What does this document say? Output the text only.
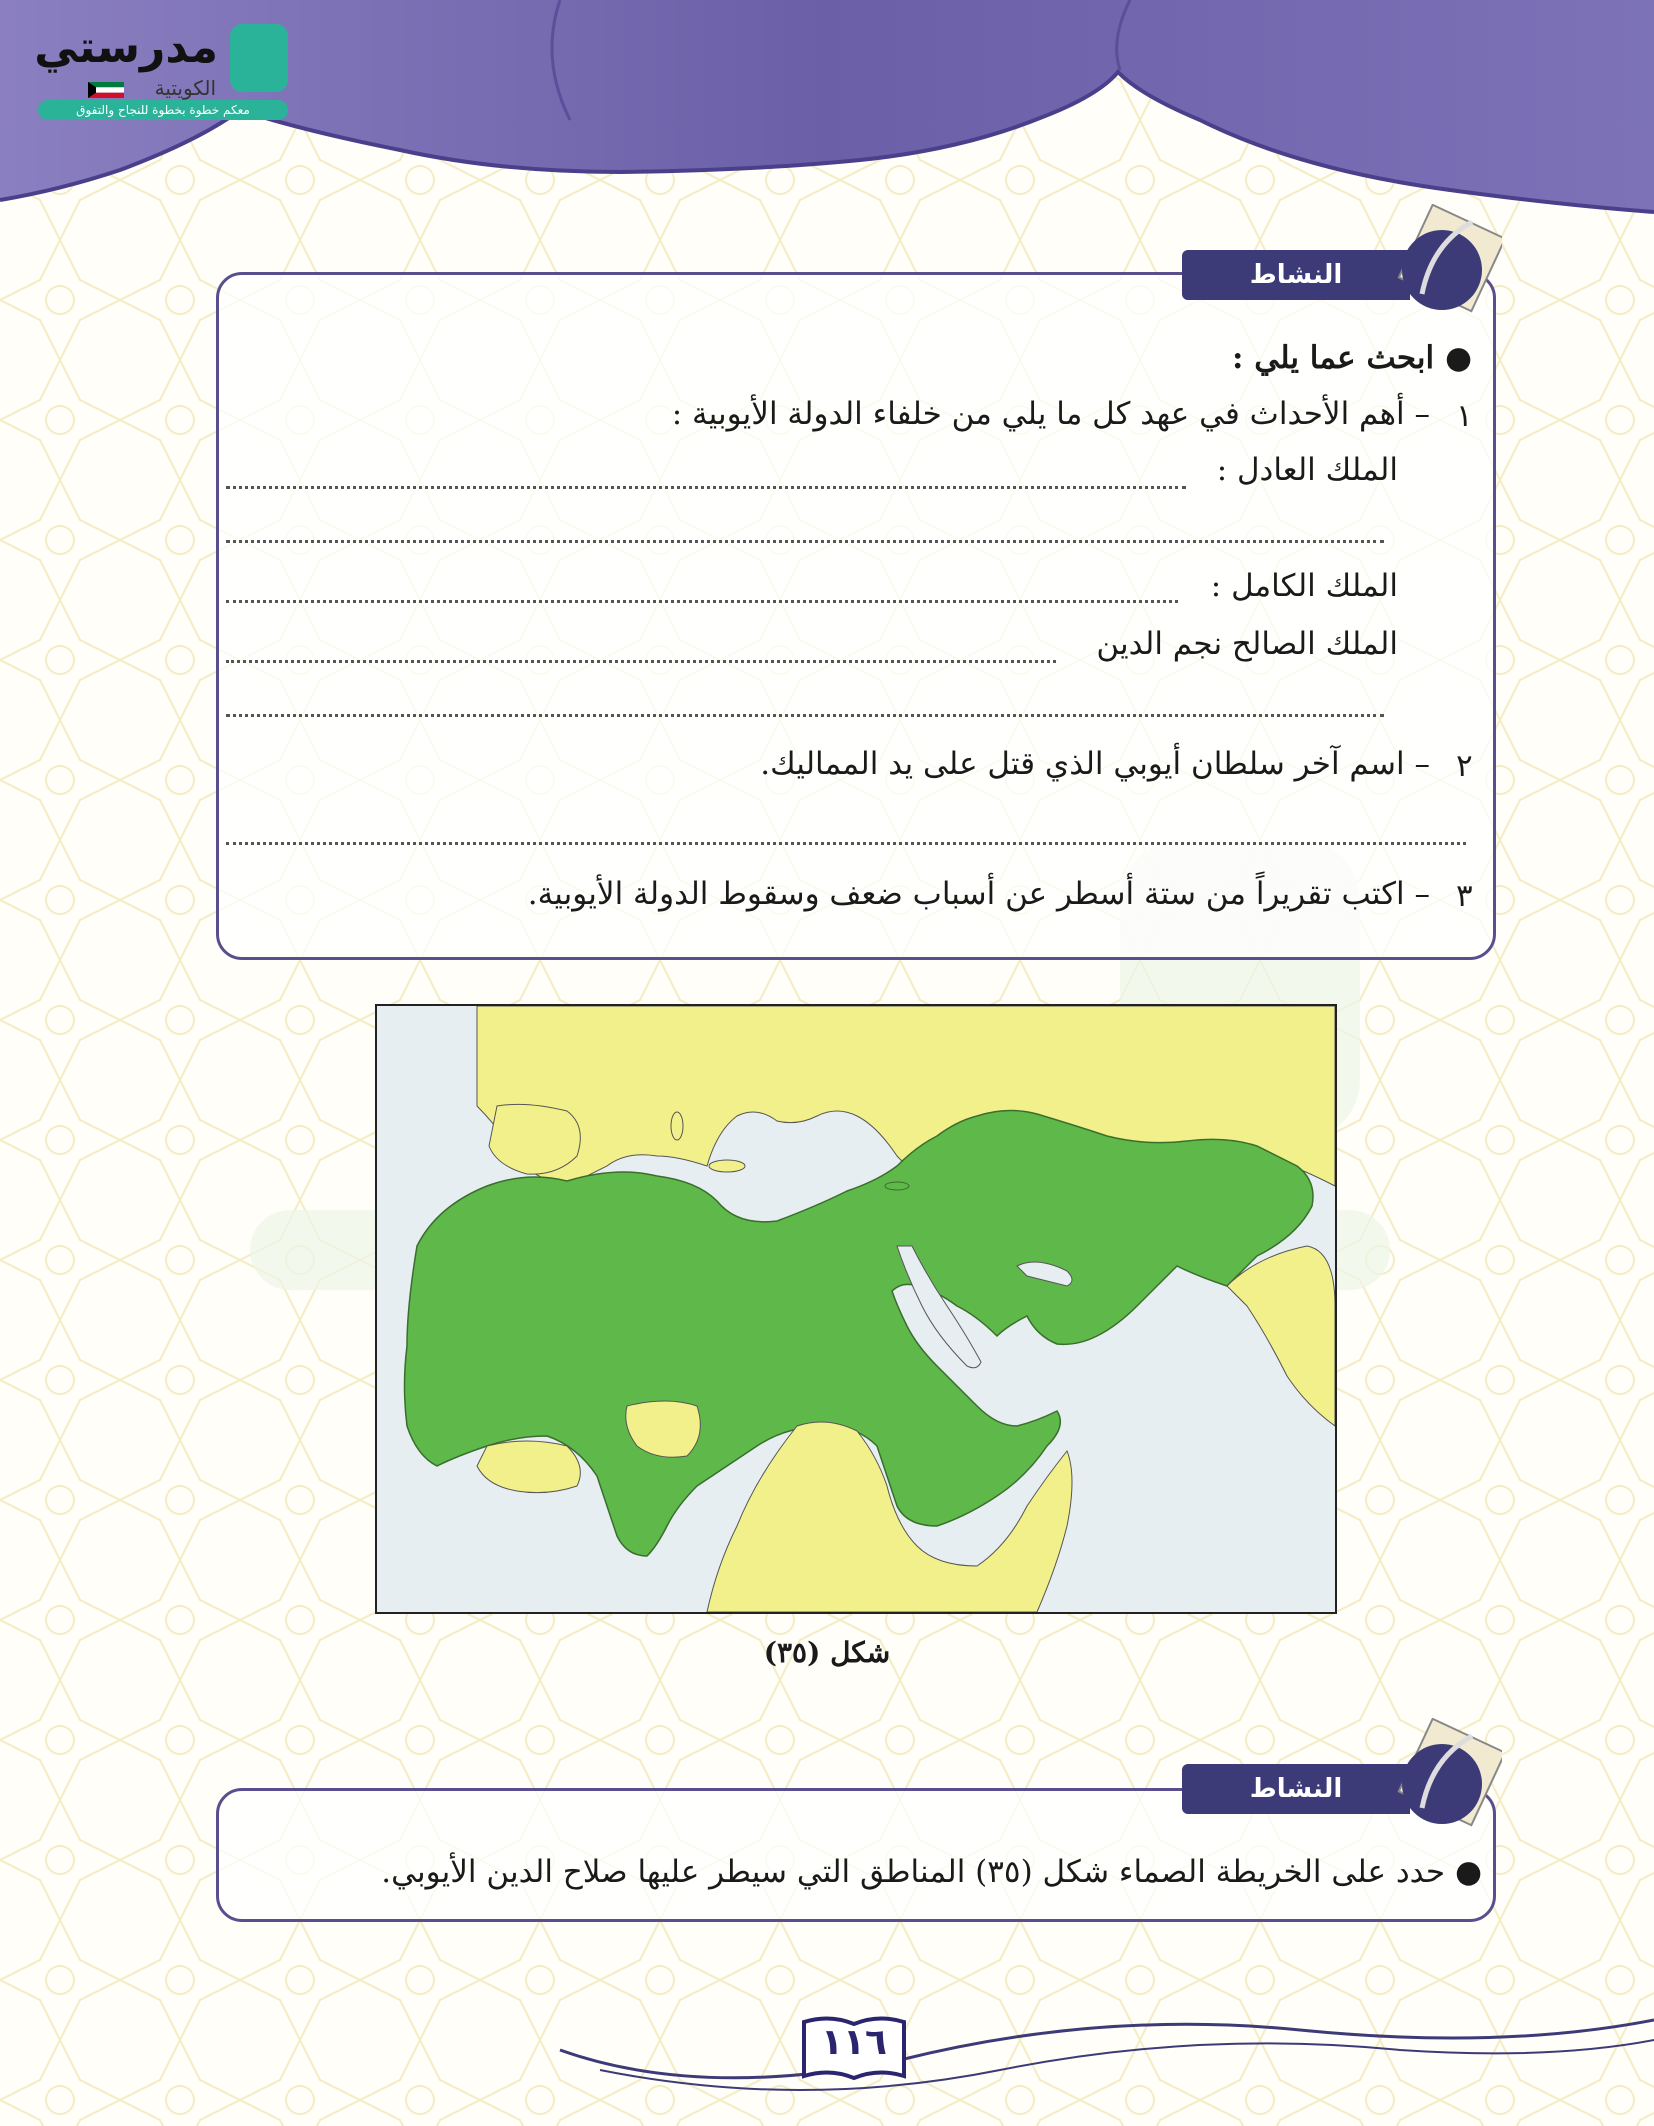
مدرستي
الكويتية
معكم خطوة بخطوة للنجاح والتفوق
النشاط
● ابحث عما يلي :
١
– أهم الأحداث في عهد كل ما يلي من خلفاء الدولة الأيوبية :
الملك العادل :
الملك الكامل :
الملك الصالح نجم الدين
٢
– اسم آخر سلطان أيوبي الذي قتل على يد المماليك.
٣
– اكتب تقريراً من ستة أسطر عن أسباب ضعف وسقوط الدولة الأيوبية.
شكل (٣٥)
النشاط
● حدد على الخريطة الصماء شكل (٣٥) المناطق التي سيطر عليها صلاح الدين الأيوبي.
١١٦
